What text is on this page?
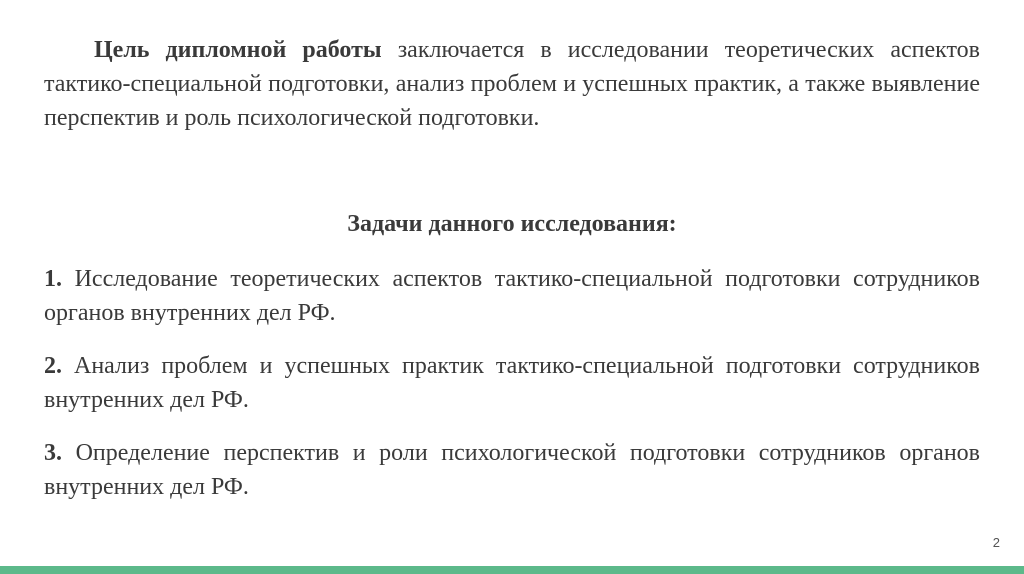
Цель дипломной работы заключается в исследовании теоретических аспектов тактико-специальной подготовки, анализ проблем и успешных практик, а также выявление перспектив и роль психологической подготовки.

Задачи данного исследования:

1. Исследование теоретических аспектов тактико-специальной подготовки сотрудников органов внутренних дел РФ.

2. Анализ проблем и успешных практик тактико-специальной подготовки сотрудников внутренних дел РФ.

3. Определение перспектив и роли психологической подготовки сотрудников органов внутренних дел РФ.

2
